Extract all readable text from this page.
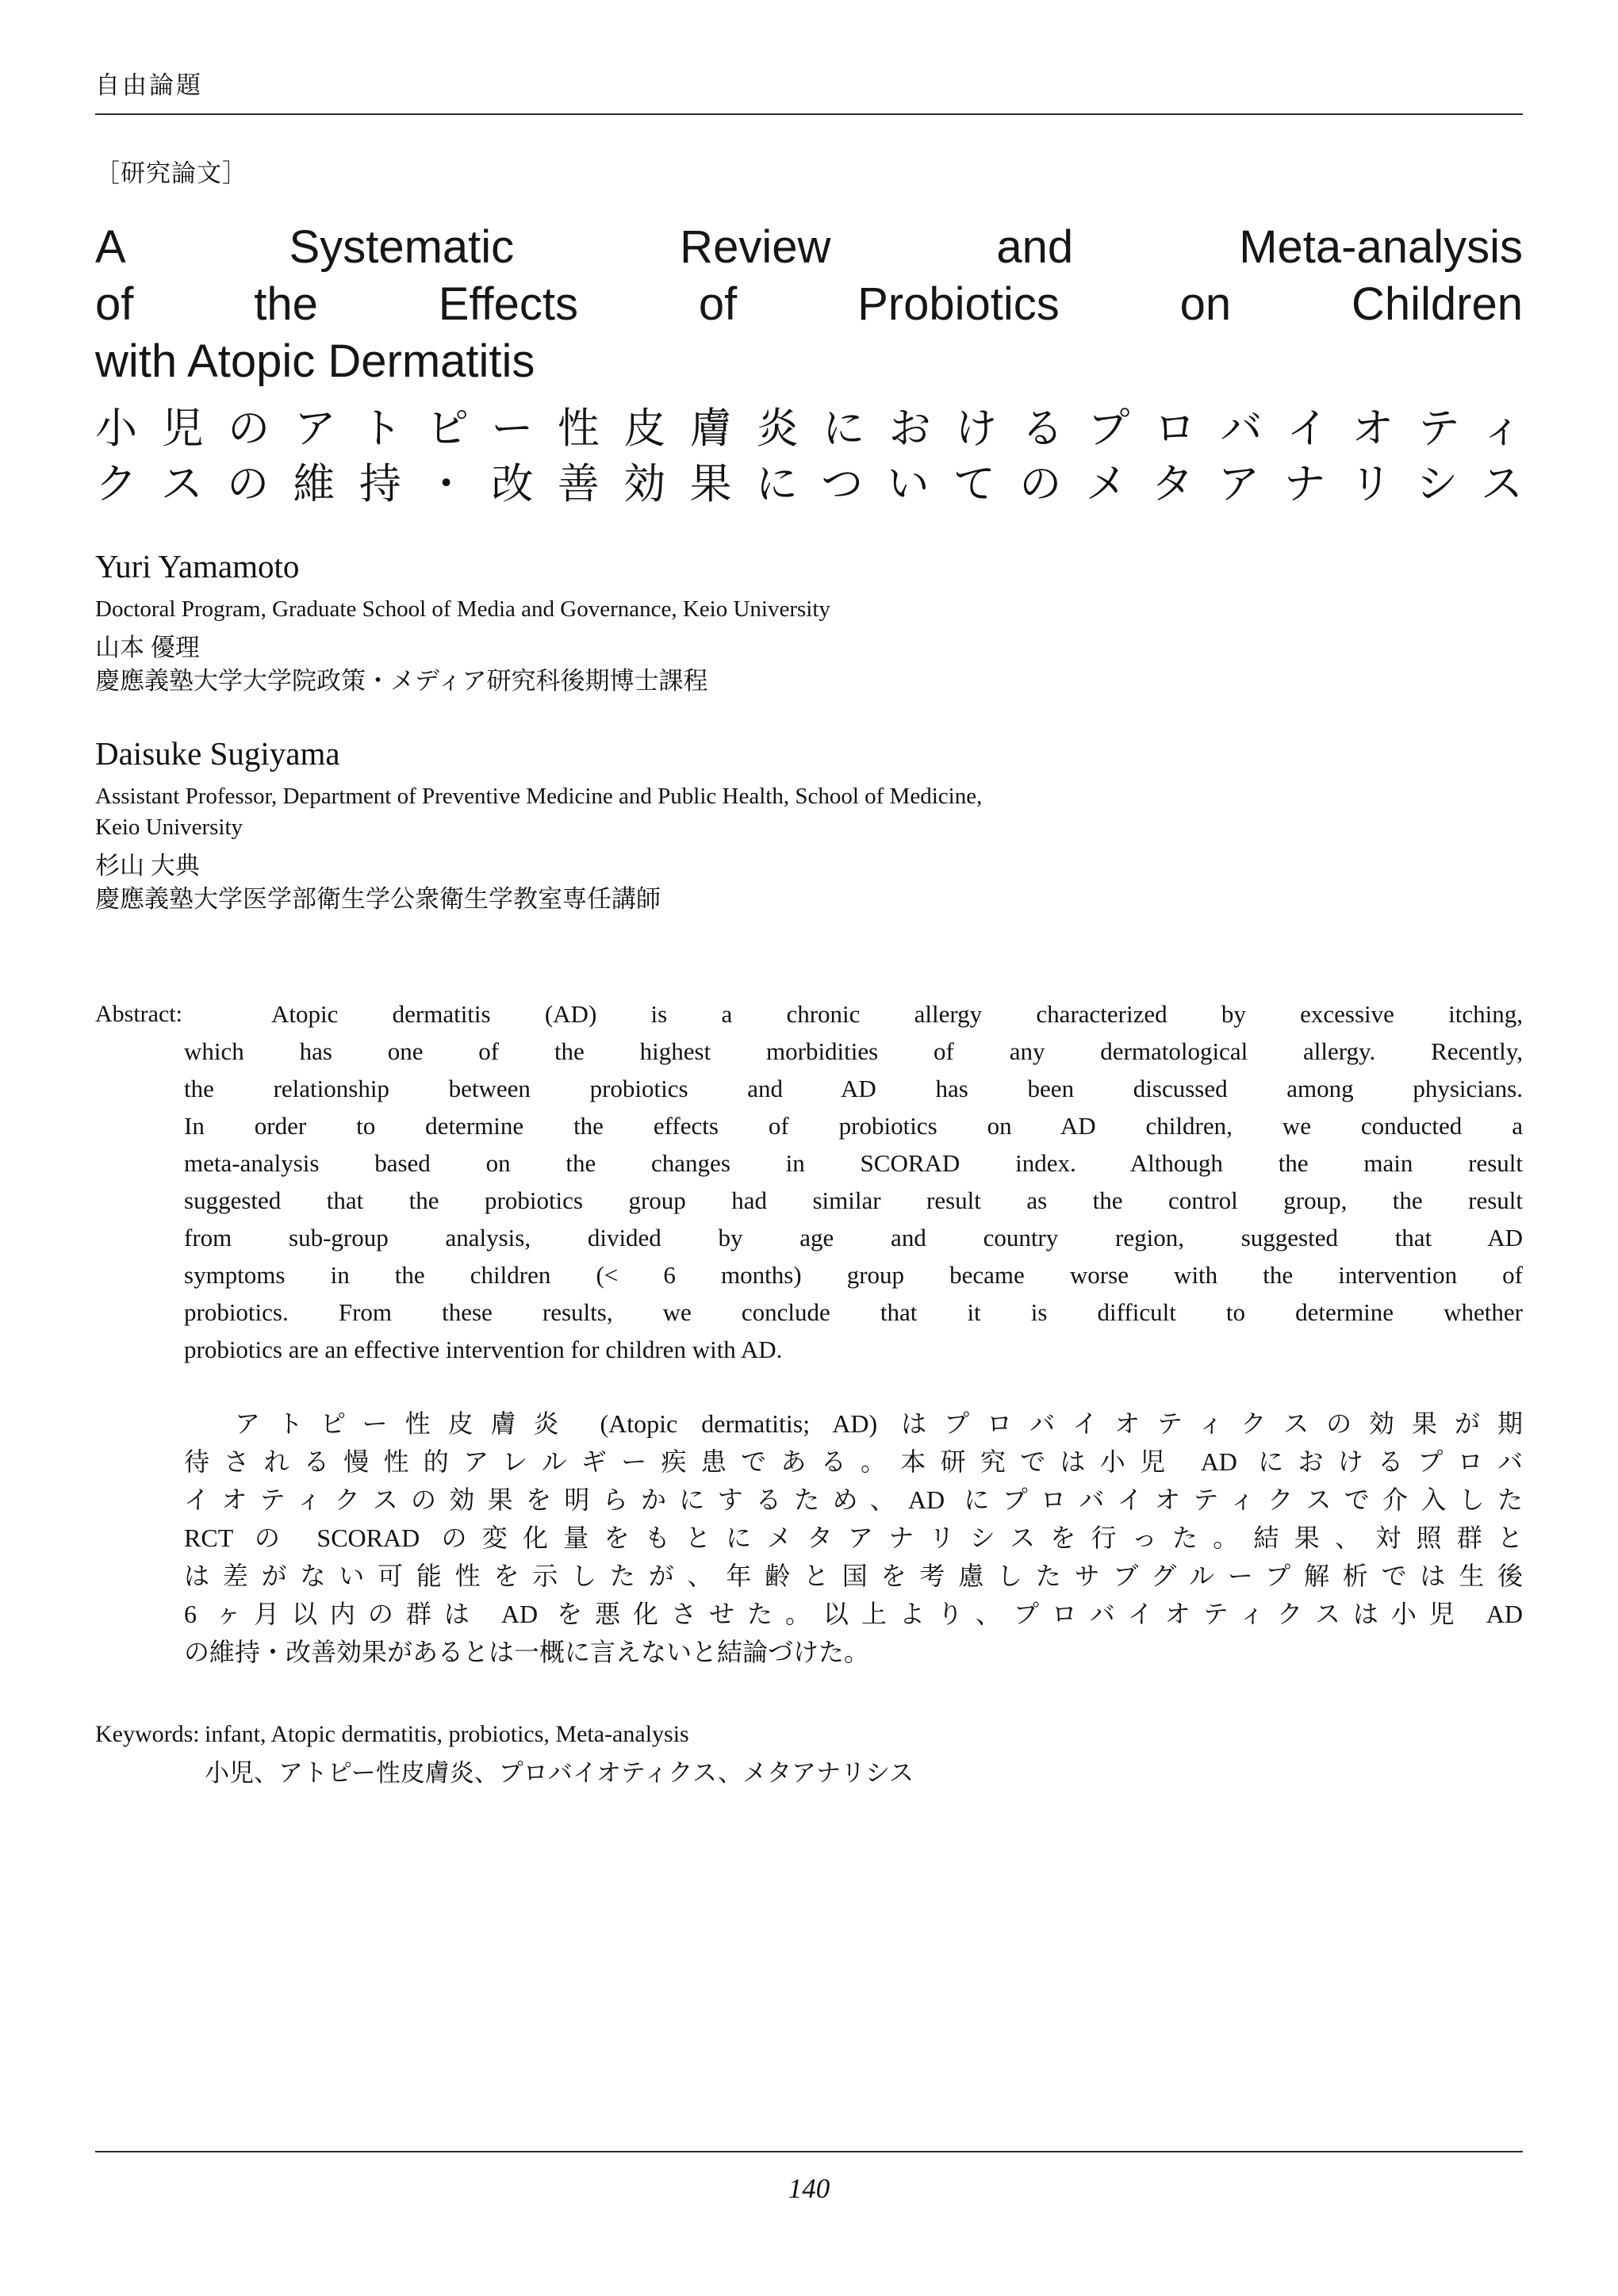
自由論題
［研究論文］
A Systematic Review and Meta-analysis
of the Effects of Probiotics on Children
with Atopic Dermatitis
小児のアトピー性皮膚炎におけるプロバイオティ
クスの維持・改善効果についてのメタアナリシス
Yuri Yamamoto
Doctoral Program, Graduate School of Media and Governance, Keio University
山本 優理
慶應義塾大学大学院政策・メディア研究科後期博士課程
Daisuke Sugiyama
Assistant Professor, Department of Preventive Medicine and Public Health, School of Medicine,
Keio University
杉山 大典
慶應義塾大学医学部衛生学公衆衛生学教室専任講師
Abstract:	Atopic dermatitis (AD) is a chronic allergy characterized by excessive itching,
which has one of the highest morbidities of any dermatological allergy. Recently,
the relationship between probiotics and AD has been discussed among physicians.
In order to determine the effects of probiotics on AD children, we conducted a
meta-analysis based on the changes in SCORAD index. Although the main result
suggested that the probiotics group had similar result as the control group, the result
from sub-group analysis, divided by age and country region, suggested that AD
symptoms in the children (< 6 months) group became worse with the intervention of
probiotics. From these results, we conclude that it is difficult to determine whether
probiotics are an effective intervention for children with AD.
アトピー性皮膚炎 (Atopic dermatitis; AD) はプロバイオティクスの効果が期
待される慢性的アレルギー疾患である。本研究では小児 AD におけるプロバ
イオティクスの効果を明らかにするため、AD にプロバイオティクスで介入した
RCT の SCORAD の変化量をもとにメタアナリシスを行った。結果、対照群と
は差がない可能性を示したが、年齢と国を考慮したサブグループ解析では生後
6 ヶ月以内の群は AD を悪化させた。以上より、プロバイオティクスは小児 AD
の維持・改善効果があるとは一概に言えないと結論づけた。
Keywords: infant, Atopic dermatitis, probiotics, Meta-analysis
小児、アトピー性皮膚炎、プロバイオティクス、メタアナリシス
140
